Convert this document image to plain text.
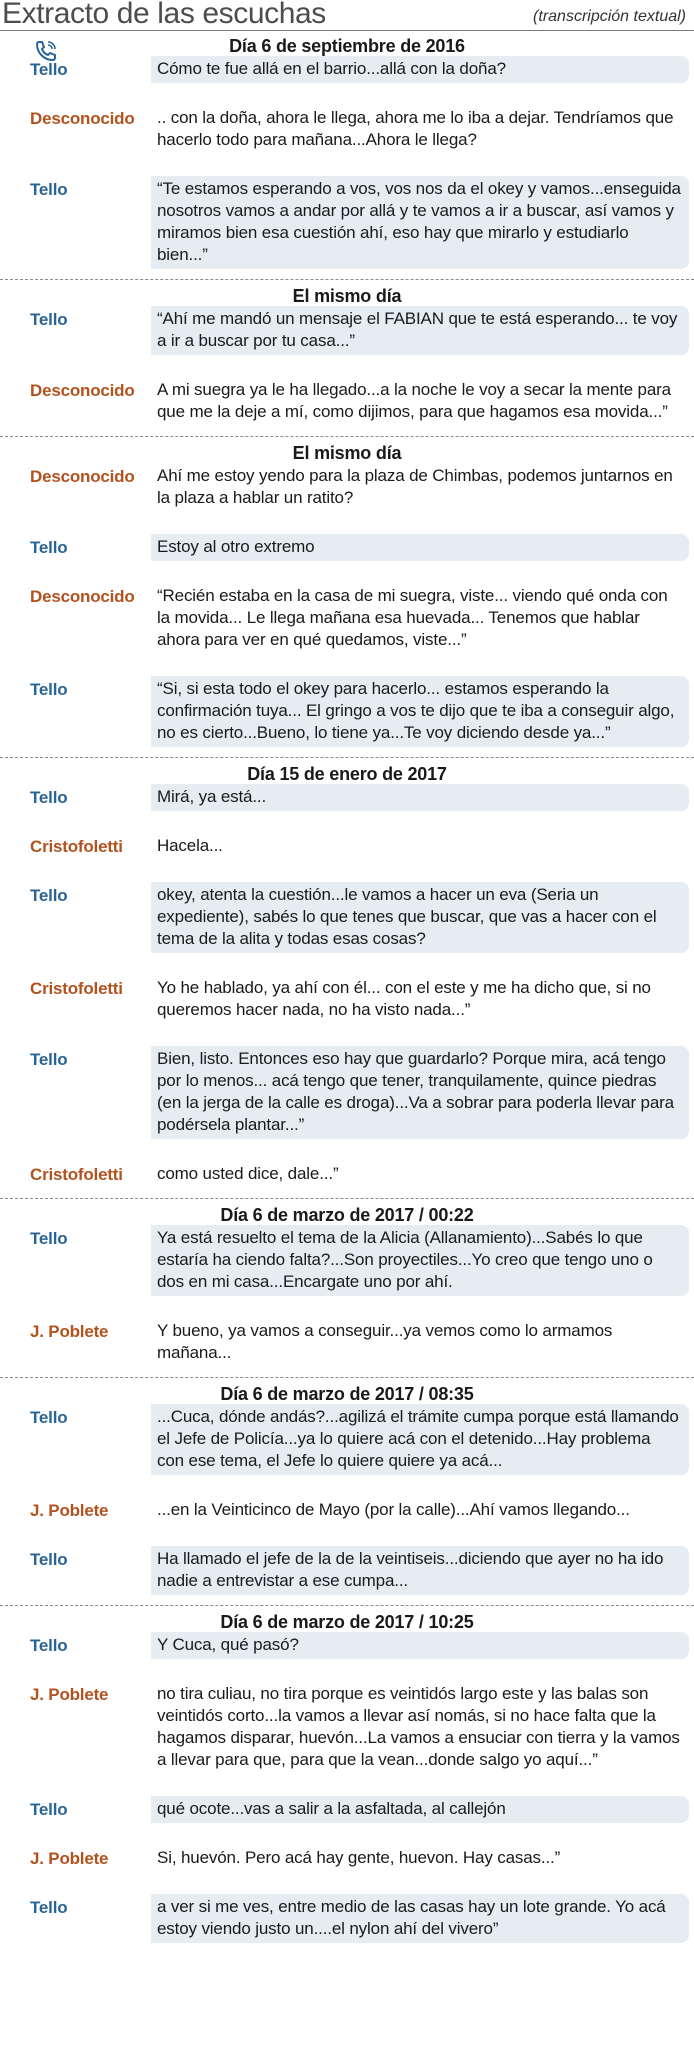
Extracto de las escuchas	(transcripción textual)
Día 6 de septiembre de 2016
Tello	Cómo te fue allá en el barrio...allá con la doña?
Desconocido	.. con la doña, ahora le llega, ahora me lo iba a dejar. Tendríamos que hacerlo todo para mañana...Ahora le llega?
Tello	“Te estamos esperando a vos, vos nos da el okey y vamos...enseguida nosotros vamos a andar por allá y te vamos a ir a buscar, así vamos y miramos bien esa cuestión ahí, eso hay que mirarlo y estudiarlo bien...”
El mismo día
Tello	“Ahí me mandó un mensaje el FABIAN que te está esperando... te voy a ir a buscar por tu casa...”
Desconocido	A mi suegra ya le ha llegado...a la noche le voy a secar la mente para que me la deje a mí, como dijimos, para que hagamos esa movida...”
El mismo día
Desconocido	Ahí me estoy yendo para la plaza de Chimbas, podemos juntarnos en la plaza a hablar un ratito?
Tello	Estoy al otro extremo
Desconocido	“Recién estaba en la casa de mi suegra, viste... viendo qué onda con la movida... Le llega mañana esa huevada... Tenemos que hablar ahora para ver en qué quedamos, viste...”
Tello	“Si, si esta todo el okey para hacerlo... estamos esperando la confirmación tuya... El gringo a vos te dijo que te iba a conseguir algo, no es cierto...Bueno, lo tiene ya...Te voy diciendo desde ya...”
Día 15 de enero de 2017
Tello	Mirá, ya está...
Cristofoletti	Hacela...
Tello	okey, atenta la cuestión...le vamos a hacer un eva (Seria un expediente), sabés lo que tenes que buscar, que vas a hacer con el tema de la alita y todas esas cosas?
Cristofoletti	Yo he hablado, ya ahí con él... con el este y me ha dicho que, si no queremos hacer nada, no ha visto nada...”
Tello	Bien, listo. Entonces eso hay que guardarlo? Porque mira, acá tengo por lo menos... acá tengo que tener, tranquilamente, quince piedras (en la jerga de la calle es droga)...Va a sobrar para poderla llevar para podérsela plantar...”
Cristofoletti	como usted dice, dale...”
Día 6 de marzo de 2017 / 00:22
Tello	Ya está resuelto el tema de la Alicia (Allanamiento)...Sabés lo que estaría ha ciendo falta?...Son proyectiles...Yo creo que tengo uno o dos en mi casa...Encargate uno por ahí.
J. Poblete	Y bueno, ya vamos a conseguir...ya vemos como lo armamos mañana...
Día 6 de marzo de 2017 / 08:35
Tello	...Cuca, dónde andás?...agilizá el trámite cumpa porque está llamando el Jefe de Policía...ya lo quiere acá con el detenido...Hay problema con ese tema, el Jefe lo quiere quiere ya acá...
J. Poblete	...en la Veinticinco de Mayo (por la calle)...Ahí vamos llegando...
Tello	Ha llamado el jefe de la de la veintiseis...diciendo que ayer no ha ido nadie a entrevistar a ese cumpa...
Día 6 de marzo de 2017 / 10:25
Tello	Y Cuca, qué pasó?
J. Poblete	no tira culiau, no tira porque es veintidós largo este y las balas son veintidós corto...la vamos a llevar así nomás, si no hace falta que la hagamos disparar, huevón...La vamos a ensuciar con tierra y la vamos a llevar para que, para que la vean...donde salgo yo aquí...”
Tello	qué ocote...vas a salir a la asfaltada, al callejón
J. Poblete	Si, huevón. Pero acá hay gente, huevon. Hay casas...”
Tello	a ver si me ves, entre medio de las casas hay un lote grande. Yo acá estoy viendo justo un....el nylon ahí del vivero”
